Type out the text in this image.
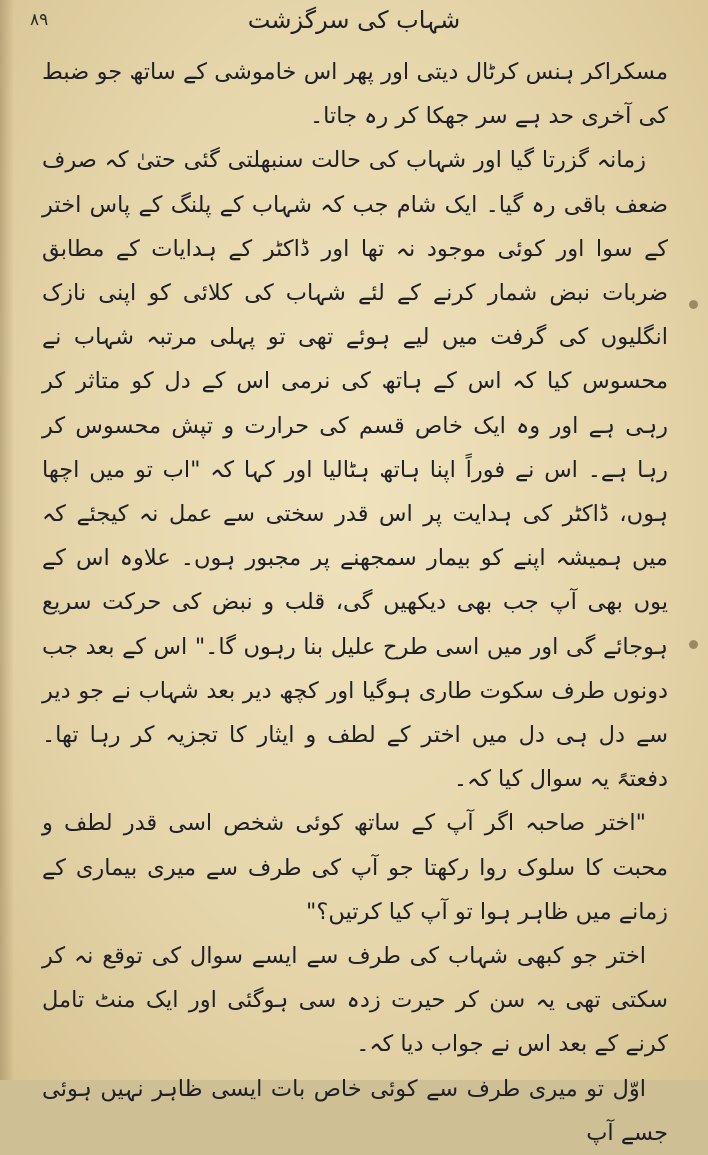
۸۹	شہاب کی سرگزشت

مسکراکر ہنس کرٹال دیتی اور پھر اس خاموشی کے ساتھ جو ضبط کی آخری حد ہے سر جھکا کر رہ جاتا۔

زمانہ گزرتا گیا اور شہاب کی حالت سنبھلتی گئی حتیٰ کہ صرف ضعف باقی رہ گیا۔ ایک شام جب کہ شہاب کے پلنگ کے پاس اختر کے سوا اور کوئی موجود نہ تھا اور ڈاکٹر کے ہدایات کے مطابق ضربات نبض شمار کرنے کے لئے شہاب کی کلائی کو اپنی نازک انگلیوں کی گرفت میں لیے ہوئے تھی تو پہلی مرتبہ شہاب نے محسوس کیا کہ اس کے ہاتھ کی نرمی اس کے دل کو متاثر کر رہی ہے اور وہ ایک خاص قسم کی حرارت و تپش محسوس کر رہا ہے۔ اس نے فوراً اپنا ہاتھ ہٹالیا اور کہا کہ "اب تو میں اچھا ہوں، ڈاکٹر کی ہدایت پر اس قدر سختی سے عمل نہ کیجئے کہ میں ہمیشہ اپنے کو بیمار سمجھنے پر مجبور ہوں۔ علاوہ اس کے یوں بھی آپ جب بھی دیکھیں گی، قلب و نبض کی حرکت سریع ہوجائے گی اور میں اسی طرح علیل بنا رہوں گا۔" اس کے بعد جب دونوں طرف سکوت طاری ہوگیا اور کچھ دیر بعد شہاب نے جو دیر سے دل ہی دل میں اختر کے لطف و ایثار کا تجزیہ کر رہا تھا۔ دفعتہً یہ سوال کیا کہ۔

"اختر صاحبہ اگر آپ کے ساتھ کوئی شخص اسی قدر لطف و محبت کا سلوک روا رکھتا جو آپ کی طرف سے میری بیماری کے زمانے میں ظاہر ہوا تو آپ کیا کرتیں؟"

اختر جو کبھی شہاب کی طرف سے ایسے سوال کی توقع نہ کر سکتی تھی یہ سن کر حیرت زدہ سی ہوگئی اور ایک منٹ تامل کرنے کے بعد اس نے جواب دیا کہ۔

اوّل تو میری طرف سے کوئی خاص بات ایسی ظاہر نہیں ہوئی جسے آپ
